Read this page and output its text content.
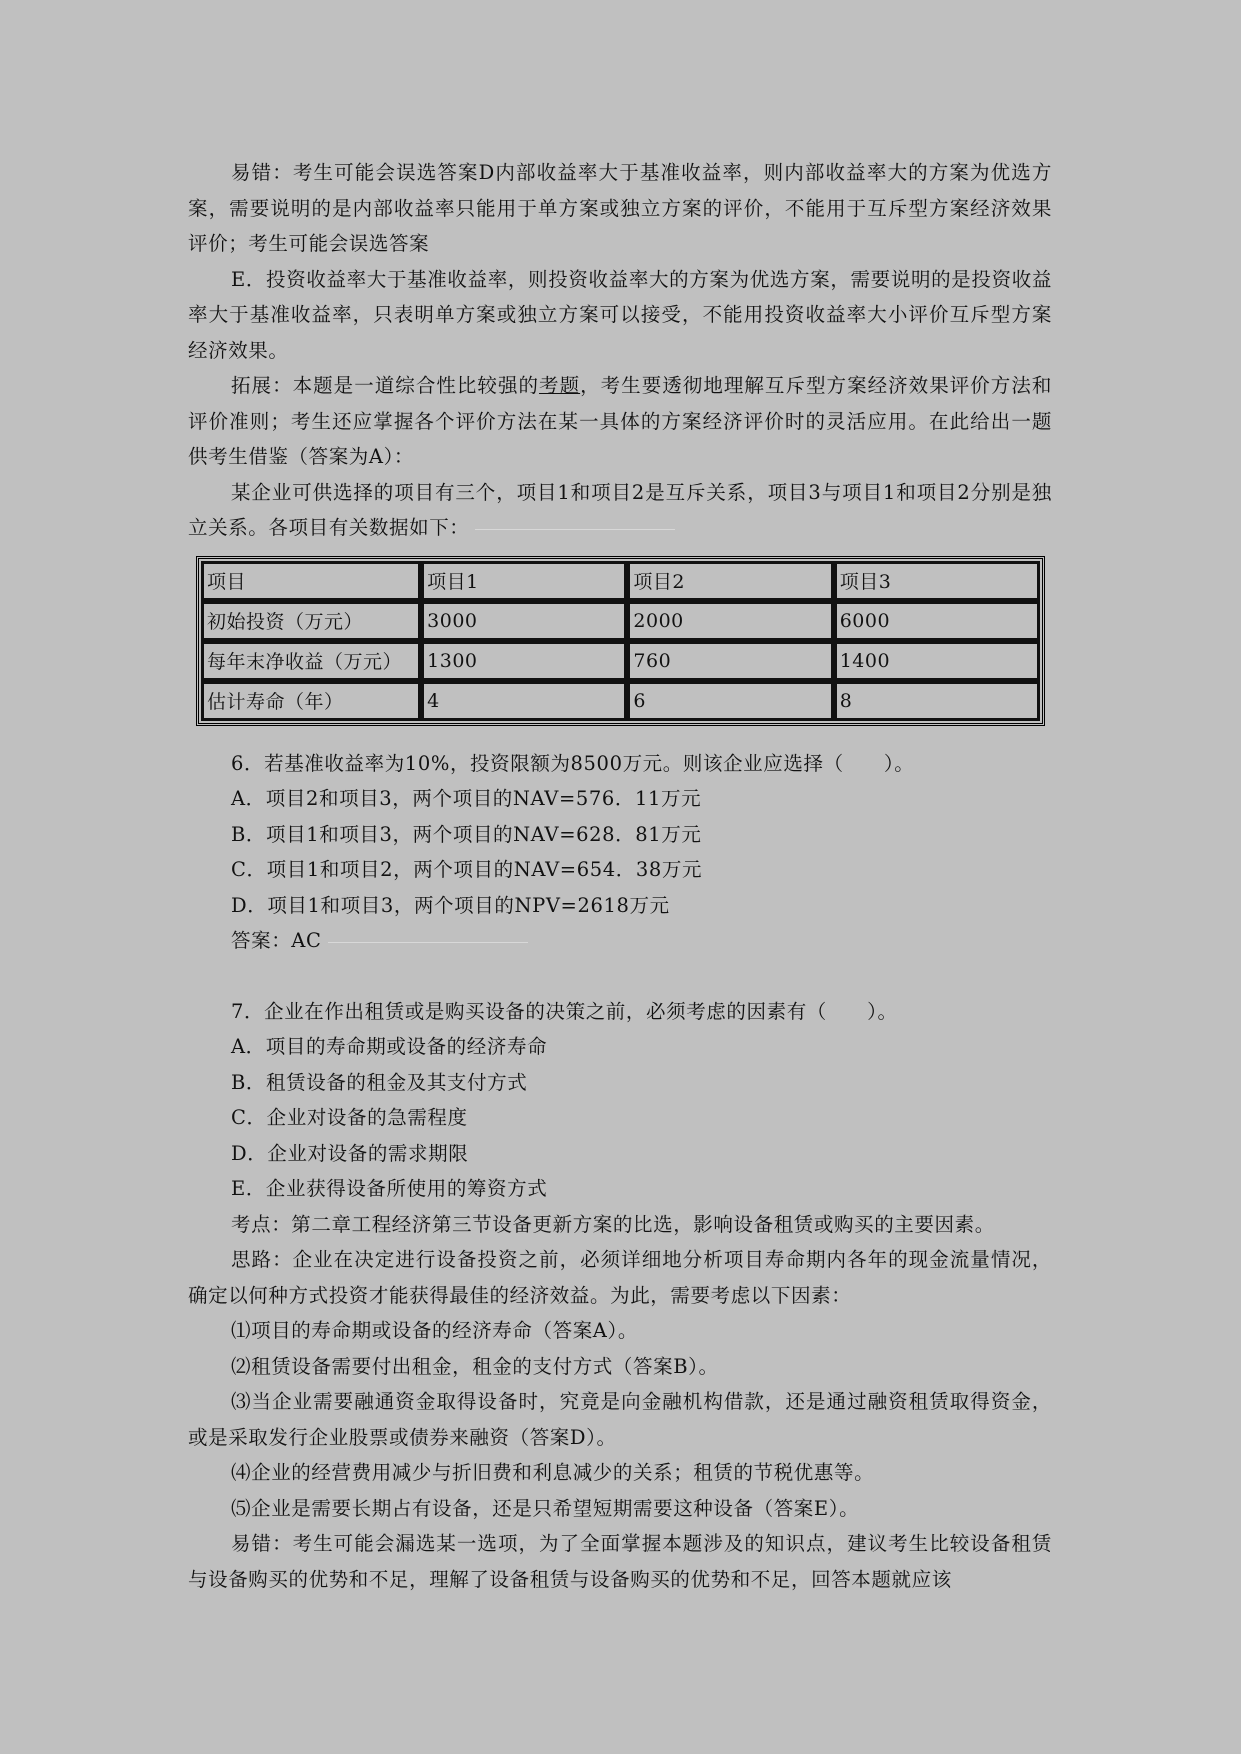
易错：考生可能会误选答案D内部收益率大于基准收益率，则内部收益率大的方案为优选方案，需要说明的是内部收益率只能用于单方案或独立方案的评价，不能用于互斥型方案经济效果评价；考生可能会误选答案

E．投资收益率大于基准收益率，则投资收益率大的方案为优选方案，需要说明的是投资收益率大于基准收益率，只表明单方案或独立方案可以接受，不能用投资收益率大小评价互斥型方案经济效果。

拓展：本题是一道综合性比较强的考题，考生要透彻地理解互斥型方案经济效果评价方法和评价准则；考生还应掌握各个评价方法在某一具体的方案经济评价时的灵活应用。在此给出一题供考生借鉴（答案为A）：

某企业可供选择的项目有三个，项目1和项目2是互斥关系，项目3与项目1和项目2分别是独立关系。各项目有关数据如下：

项目	项目1	项目2	项目3
初始投资（万元）	3000	2000	6000
每年末净收益（万元）	1300	760	1400
估计寿命（年）	4	6	8

6．若基准收益率为10%，投资限额为8500万元。则该企业应选择（　　）。

A．项目2和项目3，两个项目的NAV=576．11万元

B．项目1和项目3，两个项目的NAV=628．81万元

C．项目1和项目2，两个项目的NAV=654．38万元

D．项目1和项目3，两个项目的NPV=2618万元

答案：AC

7．企业在作出租赁或是购买设备的决策之前，必须考虑的因素有（　　）。

A．项目的寿命期或设备的经济寿命

B．租赁设备的租金及其支付方式

C．企业对设备的急需程度

D．企业对设备的需求期限

E．企业获得设备所使用的筹资方式

考点：第二章工程经济第三节设备更新方案的比选，影响设备租赁或购买的主要因素。

思路：企业在决定进行设备投资之前，必须详细地分析项目寿命期内各年的现金流量情况，确定以何种方式投资才能获得最佳的经济效益。为此，需要考虑以下因素：

⑴项目的寿命期或设备的经济寿命（答案A）。

⑵租赁设备需要付出租金，租金的支付方式（答案B）。

⑶当企业需要融通资金取得设备时，究竟是向金融机构借款，还是通过融资租赁取得资金，或是采取发行企业股票或债券来融资（答案D）。

⑷企业的经营费用减少与折旧费和利息减少的关系；租赁的节税优惠等。

⑸企业是需要长期占有设备，还是只希望短期需要这种设备（答案E）。

易错：考生可能会漏选某一选项，为了全面掌握本题涉及的知识点，建议考生比较设备租赁与设备购买的优势和不足，理解了设备租赁与设备购买的优势和不足，回答本题就应该
